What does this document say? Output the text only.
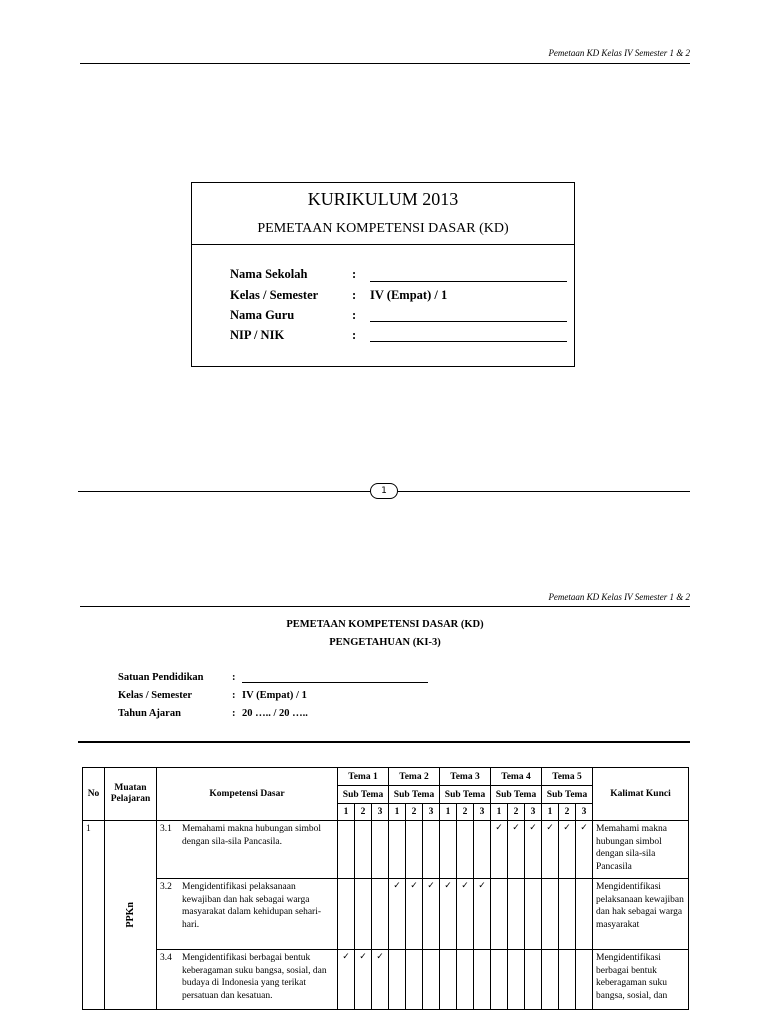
Pemetaan KD Kelas IV Semester 1 & 2
KURIKULUM 2013
PEMETAAN KOMPETENSI DASAR (KD)
Nama Sekolah	:
Kelas / Semester	: IV (Empat) / 1
Nama Guru	:
NIP / NIK	:
1
Pemetaan KD Kelas IV Semester 1 & 2
PEMETAAN KOMPETENSI DASAR (KD)
PENGETAHUAN (KI-3)
Satuan Pendidikan	:
Kelas / Semester	: IV (Empat) / 1
Tahun Ajaran	: 20 ….. / 20 …..
No	Muatan Pelajaran	Kompetensi Dasar	Tema 1			Tema 2			Tema 3			Tema 4			Tema 5			Kalimat Kunci
			Sub Tema			Sub Tema			Sub Tema			Sub Tema			Sub Tema			
			1	2	3	1	2	3	1	2	3	1	2	3	1	2	3	
1	PPKn	3.1 Memahami makna hubungan simbol dengan sila-sila Pancasila.										✓	✓	✓	✓	✓	✓	Memahami makna hubungan simbol dengan sila-sila Pancasila

		3.2 Mengidentifikasi pelaksanaan kewajiban dan hak sebagai warga masyarakat dalam kehidupan sehari-hari.				✓	✓	✓	✓	✓	✓							Mengidentifikasi pelaksanaan kewajiban dan hak sebagai warga masyarakat

		3.4 Mengidentifikasi berbagai bentuk keberagaman suku bangsa, sosial, dan budaya di Indonesia yang terikat persatuan dan kesatuan.	✓	✓	✓													Mengidentifikasi berbagai bentuk keberagaman suku bangsa, sosial, dan
